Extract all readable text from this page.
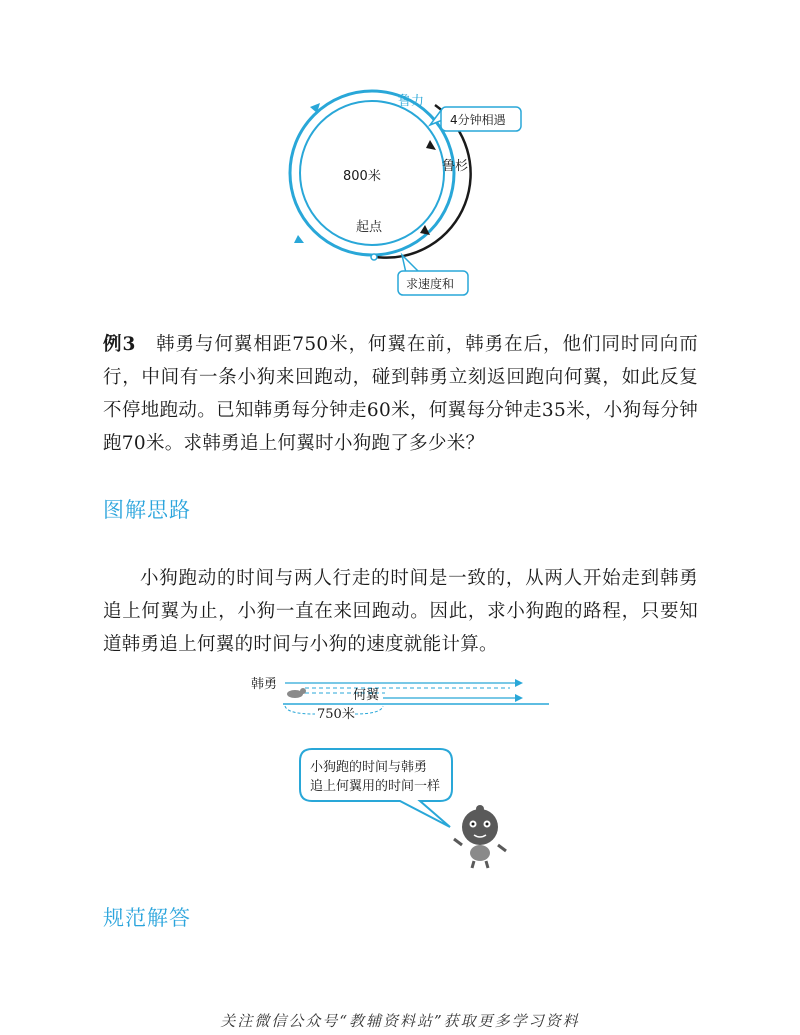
鲁力
鲁杉
800米
起点
4分钟相遇
求速度和
例3 韩勇与何翼相距750米，何翼在前，韩勇在后，他们同时同向而行，中间有一条小狗来回跑动，碰到韩勇立刻返回跑向何翼，如此反复不停地跑动。已知韩勇每分钟走60米，何翼每分钟走35米，小狗每分钟跑70米。求韩勇追上何翼时小狗跑了多少米？
图解思路
小狗跑动的时间与两人行走的时间是一致的，从两人开始走到韩勇追上何翼为止，小狗一直在来回跑动。因此，求小狗跑的路程，只要知道韩勇追上何翼的时间与小狗的速度就能计算。
韩勇
何翼
750米
小狗跑的时间与韩勇
追上何翼用的时间一样
规范解答
关注微信公众号“教辅资料站”获取更多学习资料
